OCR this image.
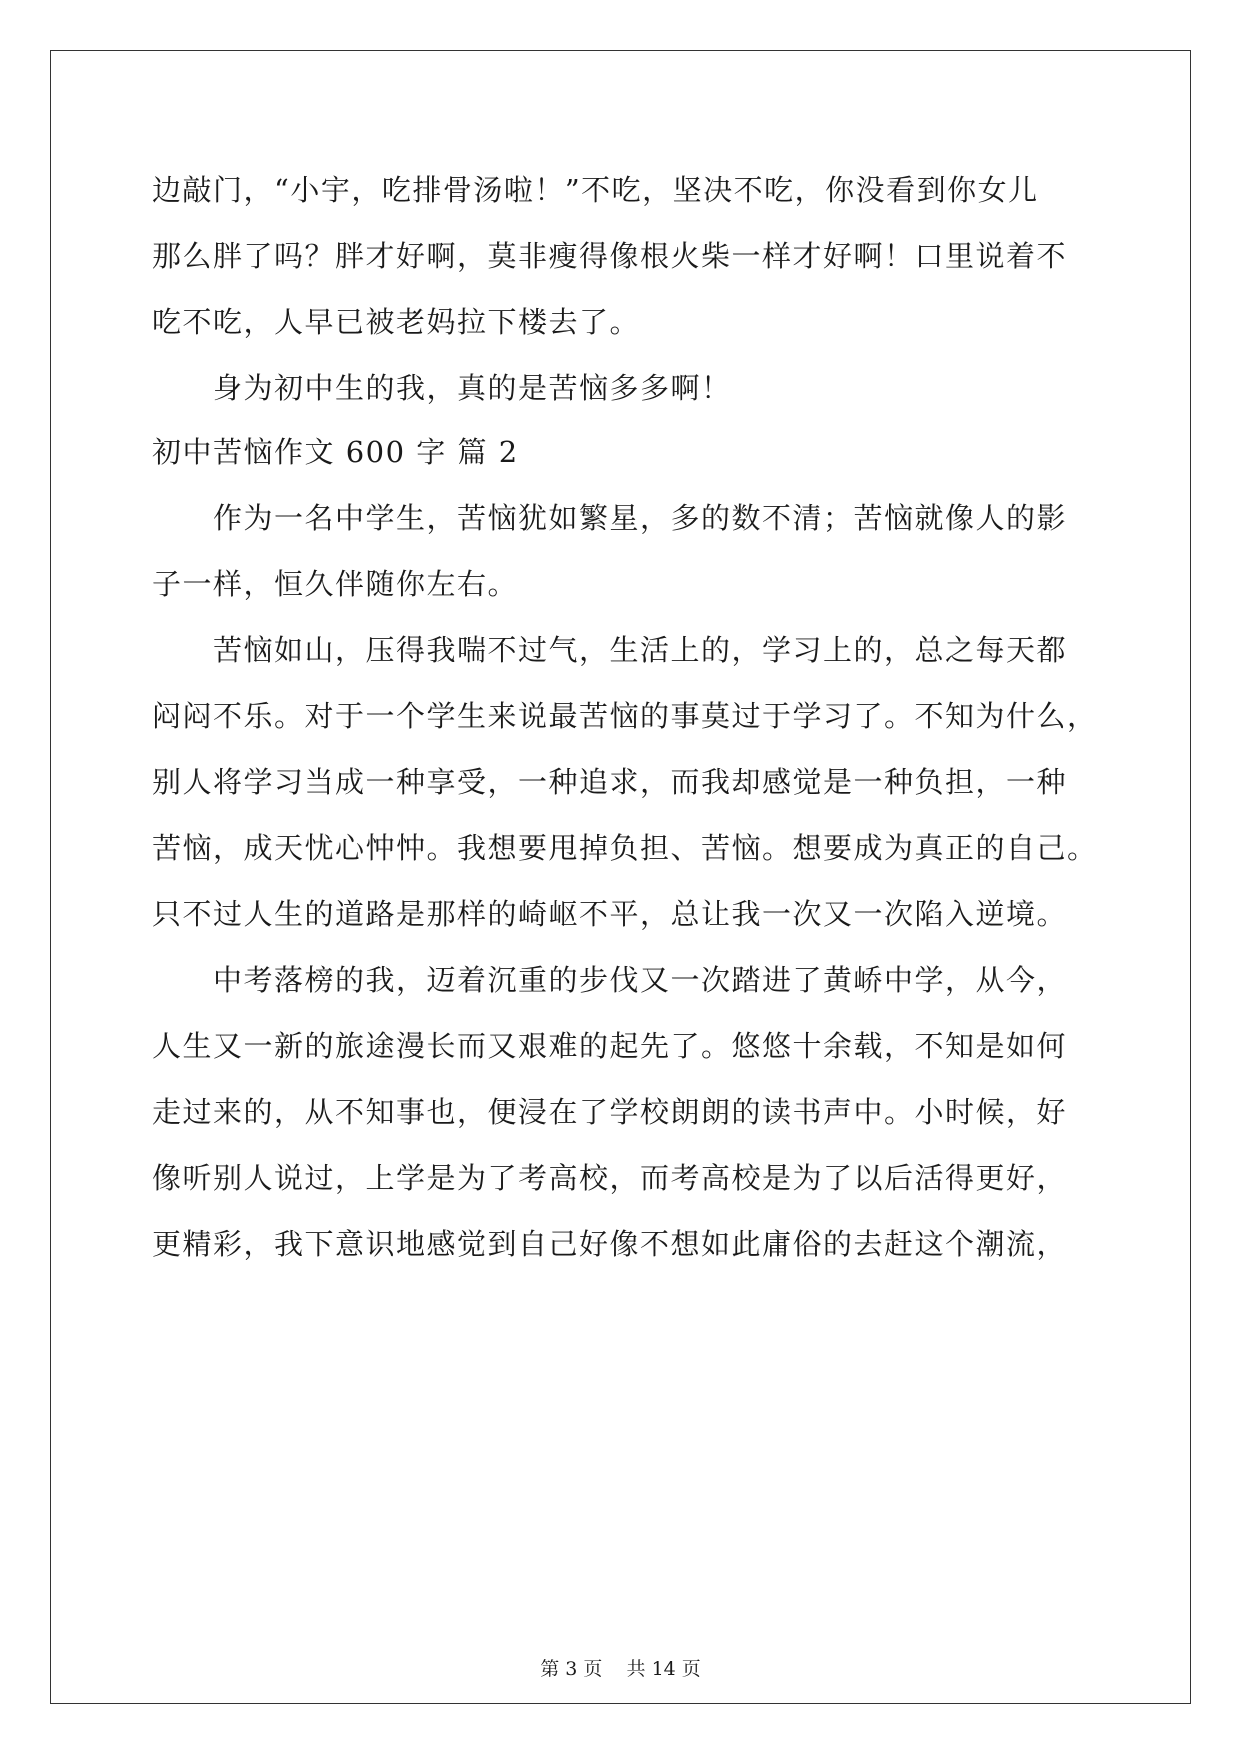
边敲门，“小宇，吃排骨汤啦！”不吃，坚决不吃，你没看到你女儿
那么胖了吗？胖才好啊，莫非瘦得像根火柴一样才好啊！口里说着不
吃不吃，人早已被老妈拉下楼去了。
　　身为初中生的我，真的是苦恼多多啊！
初中苦恼作文 600 字 篇 2
　　作为一名中学生，苦恼犹如繁星，多的数不清；苦恼就像人的影
子一样，恒久伴随你左右。
　　苦恼如山，压得我喘不过气，生活上的，学习上的，总之每天都
闷闷不乐。对于一个学生来说最苦恼的事莫过于学习了。不知为什么，
别人将学习当成一种享受，一种追求，而我却感觉是一种负担，一种
苦恼，成天忧心忡忡。我想要甩掉负担、苦恼。想要成为真正的自己。
只不过人生的道路是那样的崎岖不平，总让我一次又一次陷入逆境。
　　中考落榜的我，迈着沉重的步伐又一次踏进了黄峤中学，从今，
人生又一新的旅途漫长而又艰难的起先了。悠悠十余载，不知是如何
走过来的，从不知事也，便浸在了学校朗朗的读书声中。小时候，好
像听别人说过，上学是为了考高校，而考高校是为了以后活得更好，
更精彩，我下意识地感觉到自己好像不想如此庸俗的去赶这个潮流，
第 3 页    共 14 页
